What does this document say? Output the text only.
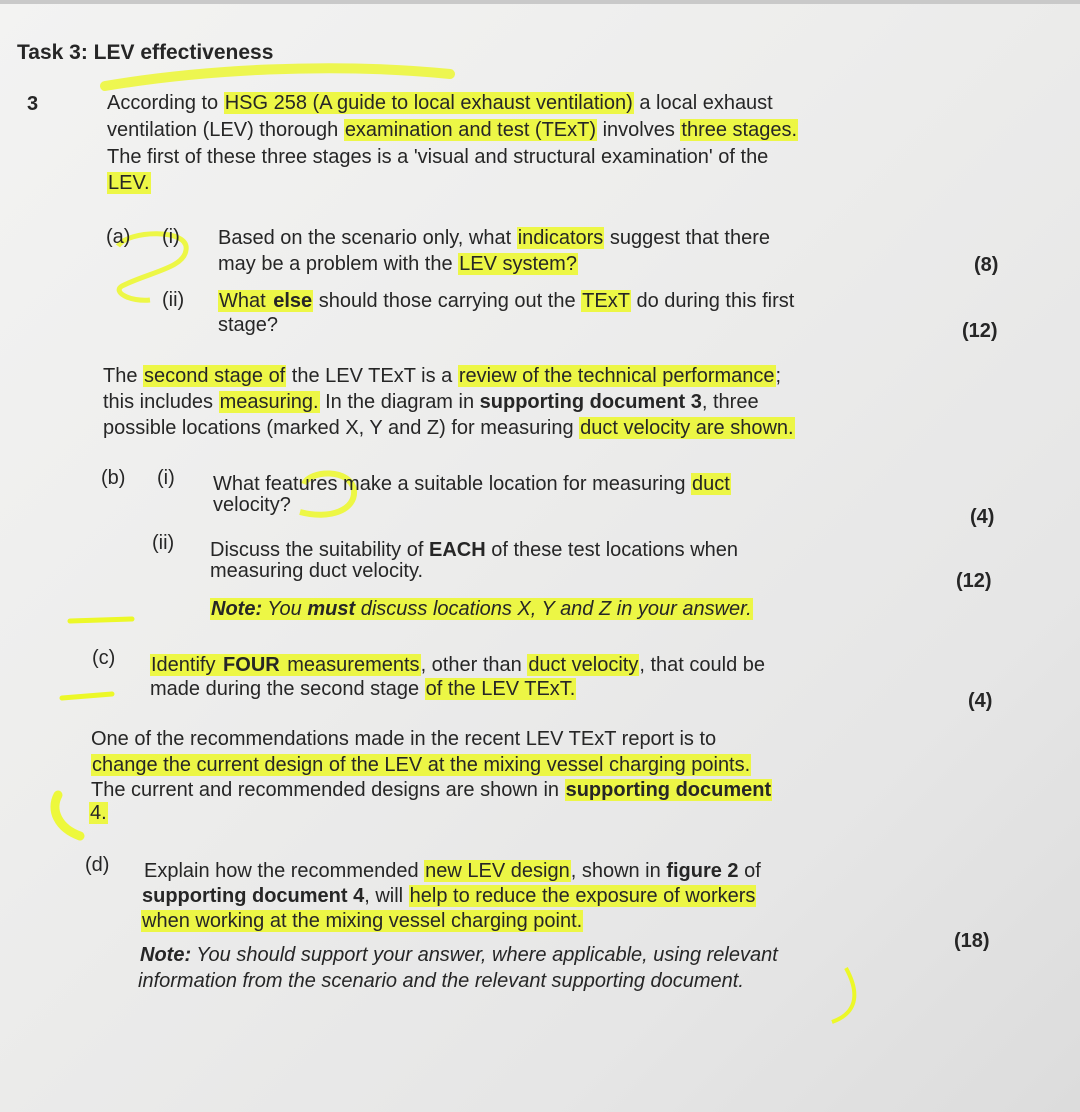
Task 3: LEV effectiveness
3	According to HSG 258 (A guide to local exhaust ventilation) a local exhaust
ventilation (LEV) thorough examination and test (TExT) involves three stages.
The first of these three stages is a 'visual and structural examination' of the
LEV.
(a) (i) Based on the scenario only, what indicators suggest that there
may be a problem with the LEV system?	(8)
(ii) What else should those carrying out the TExT do during this first
stage?	(12)
The second stage of the LEV TExT is a review of the technical performance;
this includes measuring. In the diagram in supporting document 3, three
possible locations (marked X, Y and Z) for measuring duct velocity are shown.
(b) (i) What features make a suitable location for measuring duct
velocity?
(4)
(ii) Discuss the suitability of EACH of these test locations when
measuring duct velocity.	(12)
Note: You must discuss locations X, Y and Z in your answer.
(c) Identify FOUR measurements, other than duct velocity, that could be
made during the second stage of the LEV TExT.
(4)
One of the recommendations made in the recent LEV TExT report is to
change the current design of the LEV at the mixing vessel charging points.
The current and recommended designs are shown in supporting document
4.
(d) Explain how the recommended new LEV design, shown in figure 2 of
supporting document 4, will help to reduce the exposure of workers
when working at the mixing vessel charging point.
(18)
Note: You should support your answer, where applicable, using relevant
information from the scenario and the relevant supporting document.
